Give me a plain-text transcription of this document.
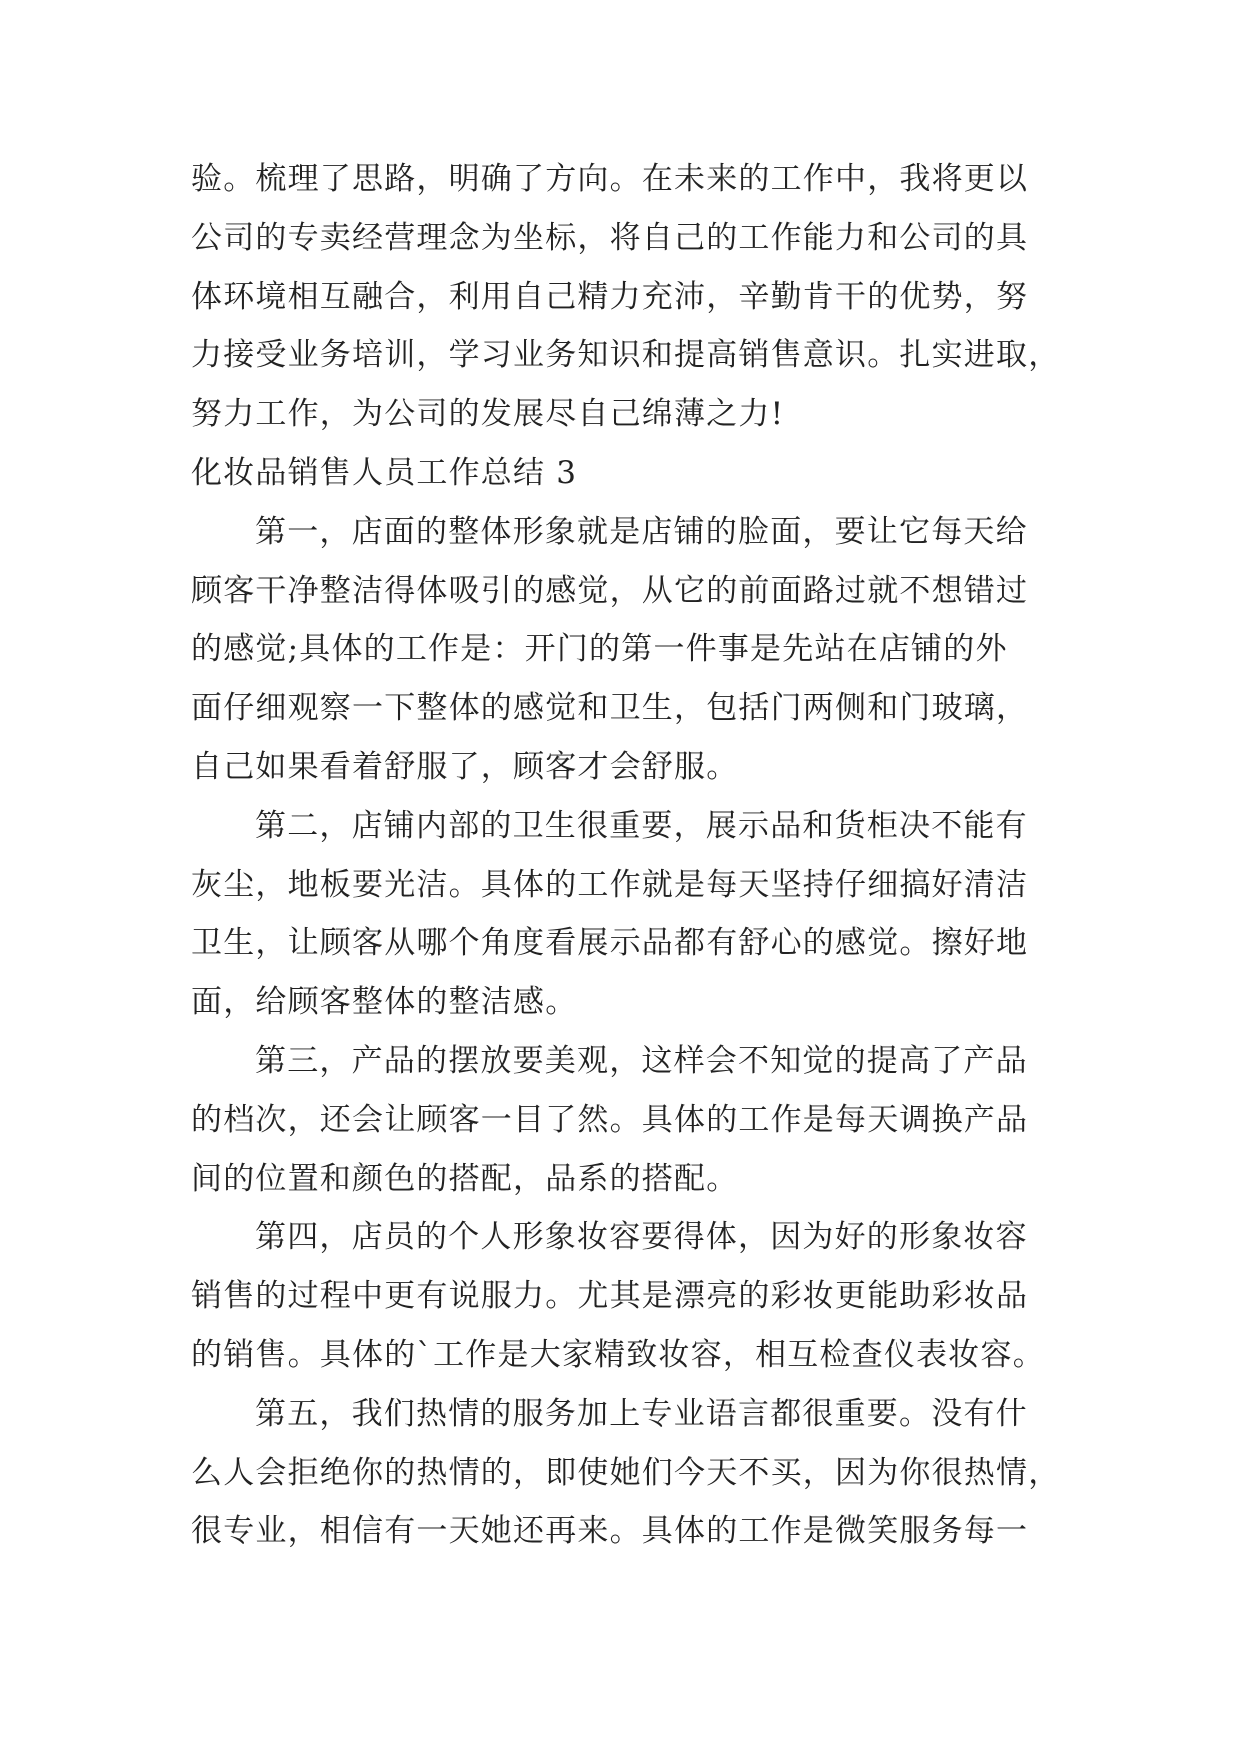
验。梳理了思路，明确了方向。在未来的工作中，我将更以
公司的专卖经营理念为坐标，将自己的工作能力和公司的具
体环境相互融合，利用自己精力充沛，辛勤肯干的优势，努
力接受业务培训，学习业务知识和提高销售意识。扎实进取，
努力工作，为公司的发展尽自己绵薄之力!
化妆品销售人员工作总结 3
第一，店面的整体形象就是店铺的脸面，要让它每天给
顾客干净整洁得体吸引的感觉，从它的前面路过就不想错过
的感觉;具体的工作是：开门的第一件事是先站在店铺的外
面仔细观察一下整体的感觉和卫生，包括门两侧和门玻璃，
自己如果看着舒服了，顾客才会舒服。
第二，店铺内部的卫生很重要，展示品和货柜决不能有
灰尘，地板要光洁。具体的工作就是每天坚持仔细搞好清洁
卫生，让顾客从哪个角度看展示品都有舒心的感觉。擦好地
面，给顾客整体的整洁感。
第三，产品的摆放要美观，这样会不知觉的提高了产品
的档次，还会让顾客一目了然。具体的工作是每天调换产品
间的位置和颜色的搭配，品系的搭配。
第四，店员的个人形象妆容要得体，因为好的形象妆容
销售的过程中更有说服力。尤其是漂亮的彩妆更能助彩妆品
的销售。具体的`工作是大家精致妆容，相互检查仪表妆容。
第五，我们热情的服务加上专业语言都很重要。没有什
么人会拒绝你的热情的，即使她们今天不买，因为你很热情，
很专业，相信有一天她还再来。具体的工作是微笑服务每一
